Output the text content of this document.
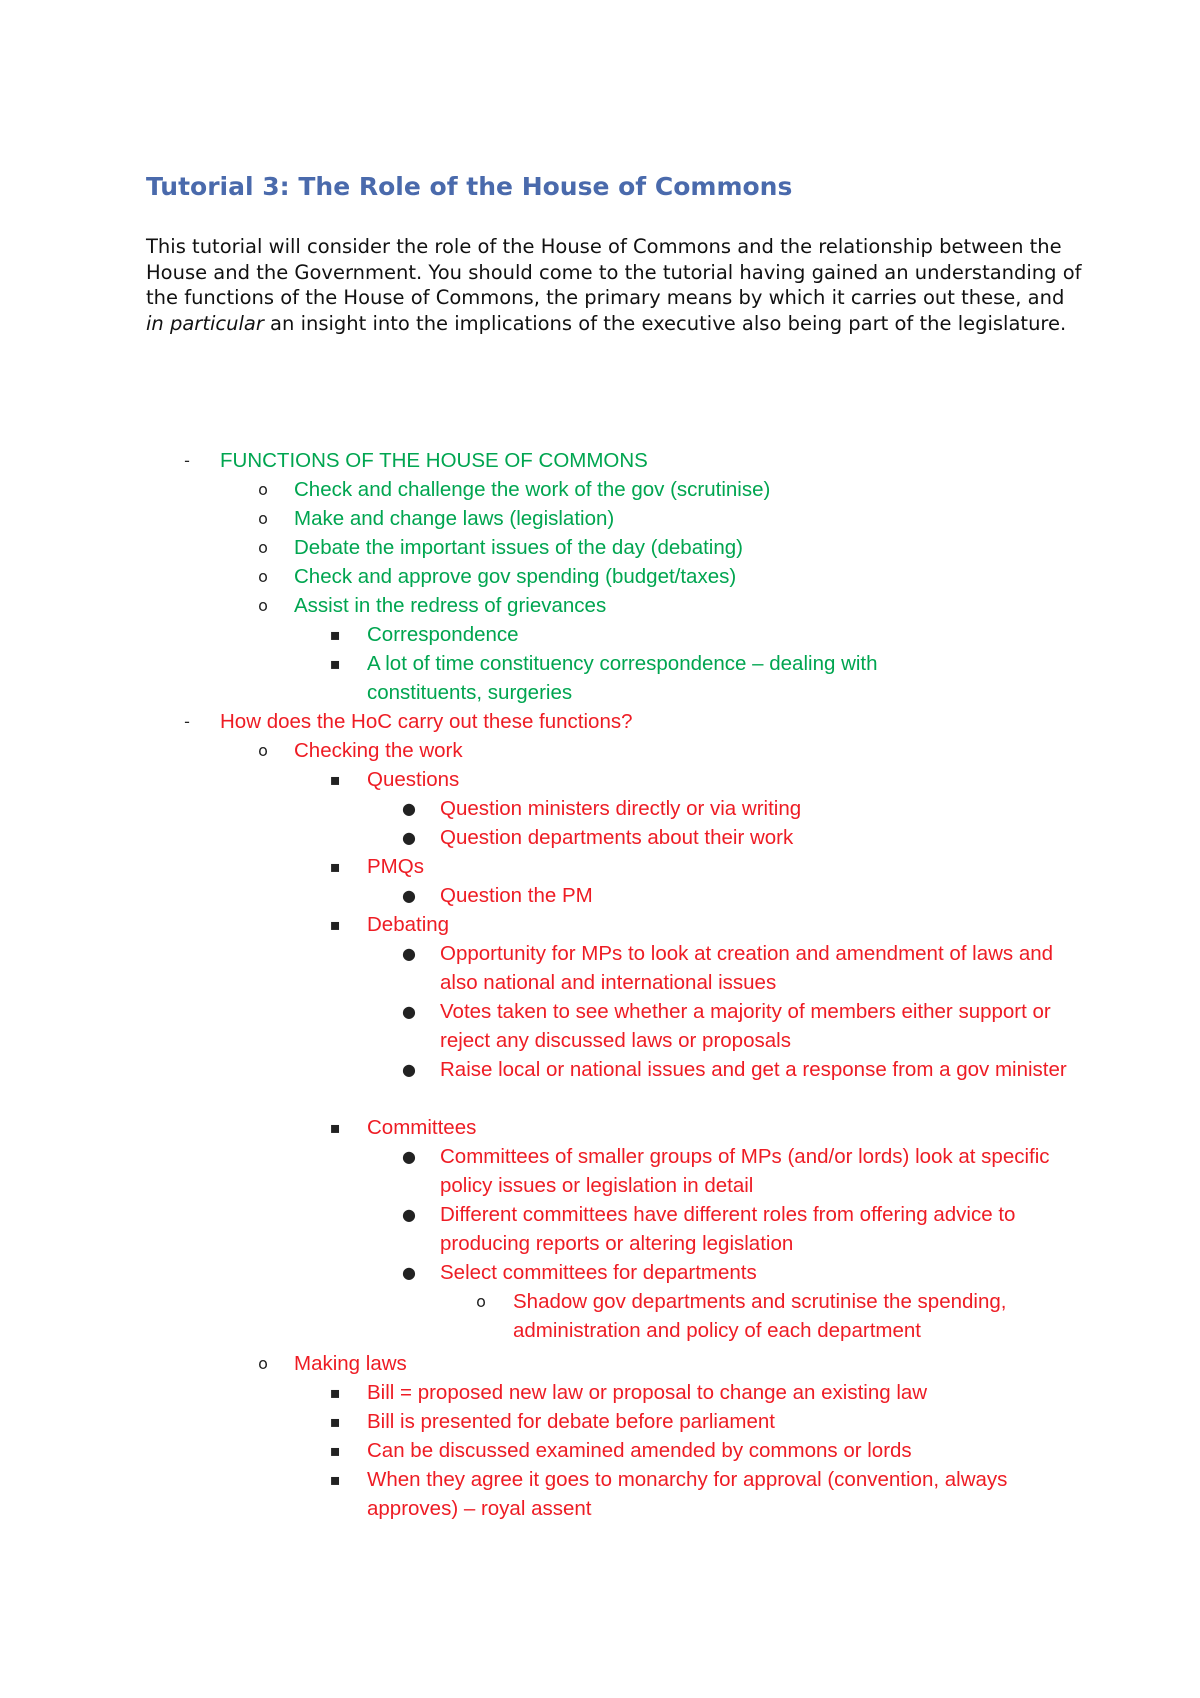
Tutorial 3: The Role of the House of Commons

This tutorial will consider the role of the House of Commons and the relationship between the House and the Government. You should come to the tutorial having gained an understanding of the functions of the House of Commons, the primary means by which it carries out these, and in particular an insight into the implications of the executive also being part of the legislature.

-	FUNCTIONS OF THE HOUSE OF COMMONS
o Check and challenge the work of the gov (scrutinise)
o Make and change laws (legislation)
o Debate the important issues of the day (debating)
o Check and approve gov spending (budget/taxes)
o Assist in the redress of grievances
▪ Correspondence
▪ A lot of time constituency correspondence – dealing with constituents, surgeries
-	How does the HoC carry out these functions?
o Checking the work
▪ Questions
● Question ministers directly or via writing
● Question departments about their work
▪ PMQs
● Question the PM
▪ Debating
● Opportunity for MPs to look at creation and amendment of laws and also national and international issues
● Votes taken to see whether a majority of members either support or reject any discussed laws or proposals
● Raise local or national issues and get a response from a gov minister
▪ Committees
● Committees of smaller groups of MPs (and/or lords) look at specific policy issues or legislation in detail
● Different committees have different roles from offering advice to producing reports or altering legislation
● Select committees for departments
o Shadow gov departments and scrutinise the spending, administration and policy of each department
o Making laws
▪ Bill = proposed new law or proposal to change an existing law
▪ Bill is presented for debate before parliament
▪ Can be discussed examined amended by commons or lords
▪ When they agree it goes to monarchy for approval (convention, always approves) – royal assent
